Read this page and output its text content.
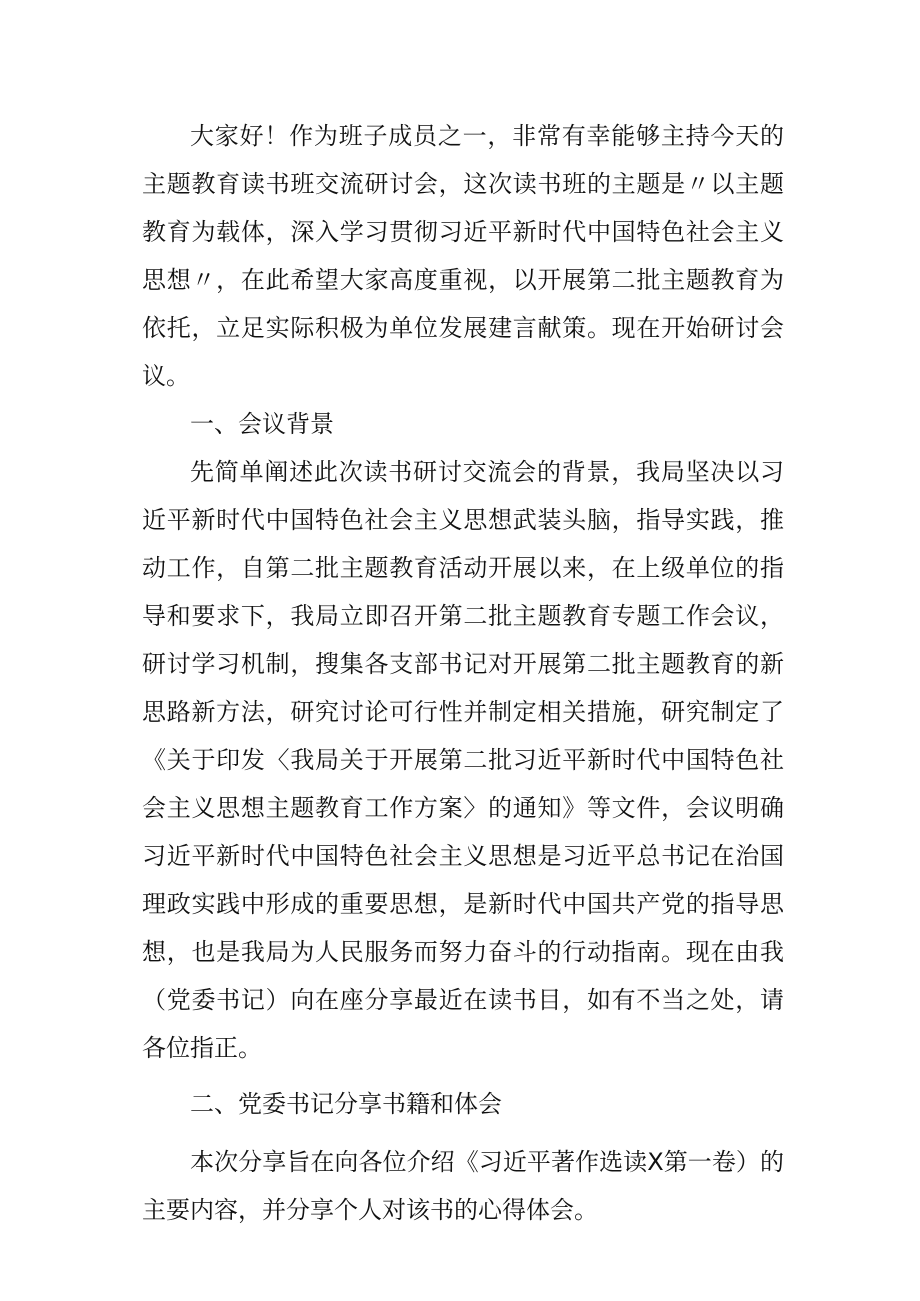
大家好！作为班子成员之一，非常有幸能够主持今天的主题教育读书班交流研讨会，这次读书班的主题是〃以主题教育为载体，深入学习贯彻习近平新时代中国特色社会主义思想〃，在此希望大家高度重视，以开展第二批主题教育为依托，立足实际积极为单位发展建言献策。现在开始研讨会议。

一、会议背景

先简单阐述此次读书研讨交流会的背景，我局坚决以习近平新时代中国特色社会主义思想武装头脑，指导实践，推动工作，自第二批主题教育活动开展以来，在上级单位的指导和要求下，我局立即召开第二批主题教育专题工作会议，研讨学习机制，搜集各支部书记对开展第二批主题教育的新思路新方法，研究讨论可行性并制定相关措施，研究制定了《关于印发〈我局关于开展第二批习近平新时代中国特色社会主义思想主题教育工作方案〉的通知》等文件，会议明确习近平新时代中国特色社会主义思想是习近平总书记在治国理政实践中形成的重要思想，是新时代中国共产党的指导思想，也是我局为人民服务而努力奋斗的行动指南。现在由我（党委书记）向在座分享最近在读书目，如有不当之处，请各位指正。

二、党委书记分享书籍和体会

本次分享旨在向各位介绍《习近平著作选读X第一卷）的主要内容，并分享个人对该书的心得体会。
